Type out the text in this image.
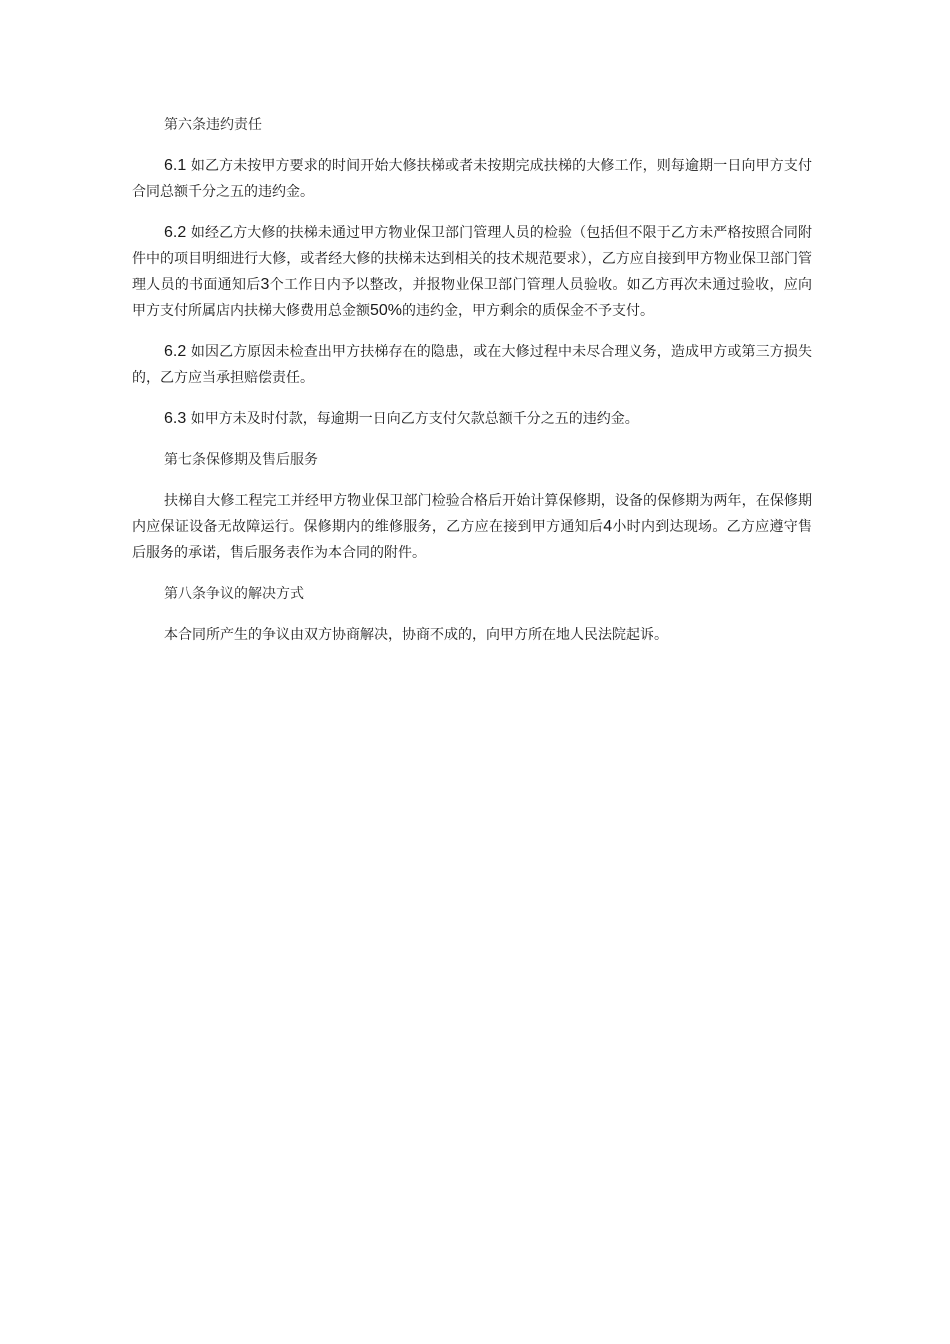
第六条违约责任

6.1 如乙方未按甲方要求的时间开始大修扶梯或者未按期完成扶梯的大修工作，则每逾期一日向甲方支付合同总额千分之五的违约金。

6.2 如经乙方大修的扶梯未通过甲方物业保卫部门管理人员的检验（包括但不限于乙方未严格按照合同附件中的项目明细进行大修，或者经大修的扶梯未达到相关的技术规范要求），乙方应自接到甲方物业保卫部门管理人员的书面通知后3个工作日内予以整改，并报物业保卫部门管理人员验收。如乙方再次未通过验收，应向甲方支付所属店内扶梯大修费用总金额50%的违约金，甲方剩余的质保金不予支付。

6.2 如因乙方原因未检查出甲方扶梯存在的隐患，或在大修过程中未尽合理义务，造成甲方或第三方损失的，乙方应当承担赔偿责任。

6.3 如甲方未及时付款，每逾期一日向乙方支付欠款总额千分之五的违约金。

第七条保修期及售后服务

扶梯自大修工程完工并经甲方物业保卫部门检验合格后开始计算保修期，设备的保修期为两年，在保修期内应保证设备无故障运行。保修期内的维修服务，乙方应在接到甲方通知后4小时内到达现场。乙方应遵守售后服务的承诺，售后服务表作为本合同的附件。

第八条争议的解决方式

本合同所产生的争议由双方协商解决，协商不成的，向甲方所在地人民法院起诉。
